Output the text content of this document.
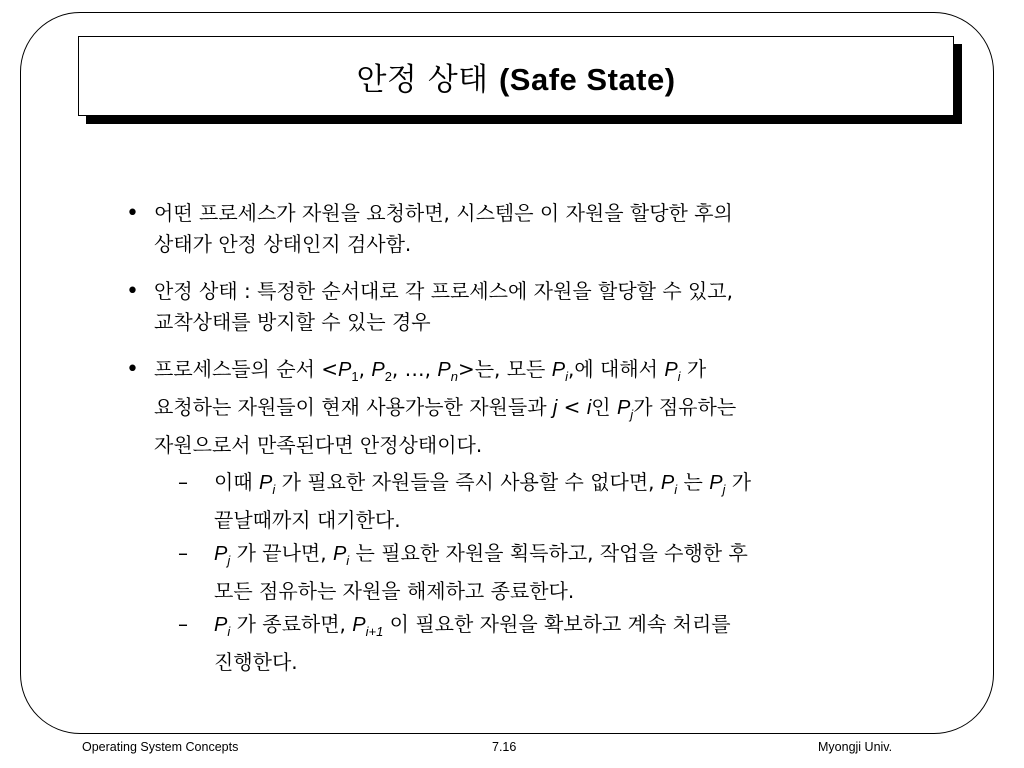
안정 상태 (Safe State)
• 어떤 프로세스가 자원을 요청하면, 시스템은 이 자원을 할당한 후의
상태가 안정 상태인지 검사함.
• 안정 상태 : 특정한 순서대로 각 프로세스에 자원을 할당할 수 있고,
교착상태를 방지할 수 있는 경우
• 프로세스들의 순서 $<P_1$, $P_2$, …, $P_n>$는, 모든 $P_i$,에 대해서 $P_i$ 가
요청하는 자원들이 현재 사용가능한 자원들과 j < i인 $P_j$가 점유하는
자원으로서 만족된다면 안정상태이다.
– 이때 $P_i$ 가 필요한 자원들을 즉시 사용할 수 없다면, $P_i$ 는 $P_j$ 가
끝날때까지 대기한다.
– $P_j$ 가 끝나면, $P_i$ 는 필요한 자원을 획득하고, 작업을 수행한 후
모든 점유하는 자원을 해제하고 종료한다.
– $P_i$ 가 종료하면, $P_{i+1}$ 이 필요한 자원을 확보하고 계속 처리를
진행한다.
Operating System Concepts	7.16	Myongji Univ.
